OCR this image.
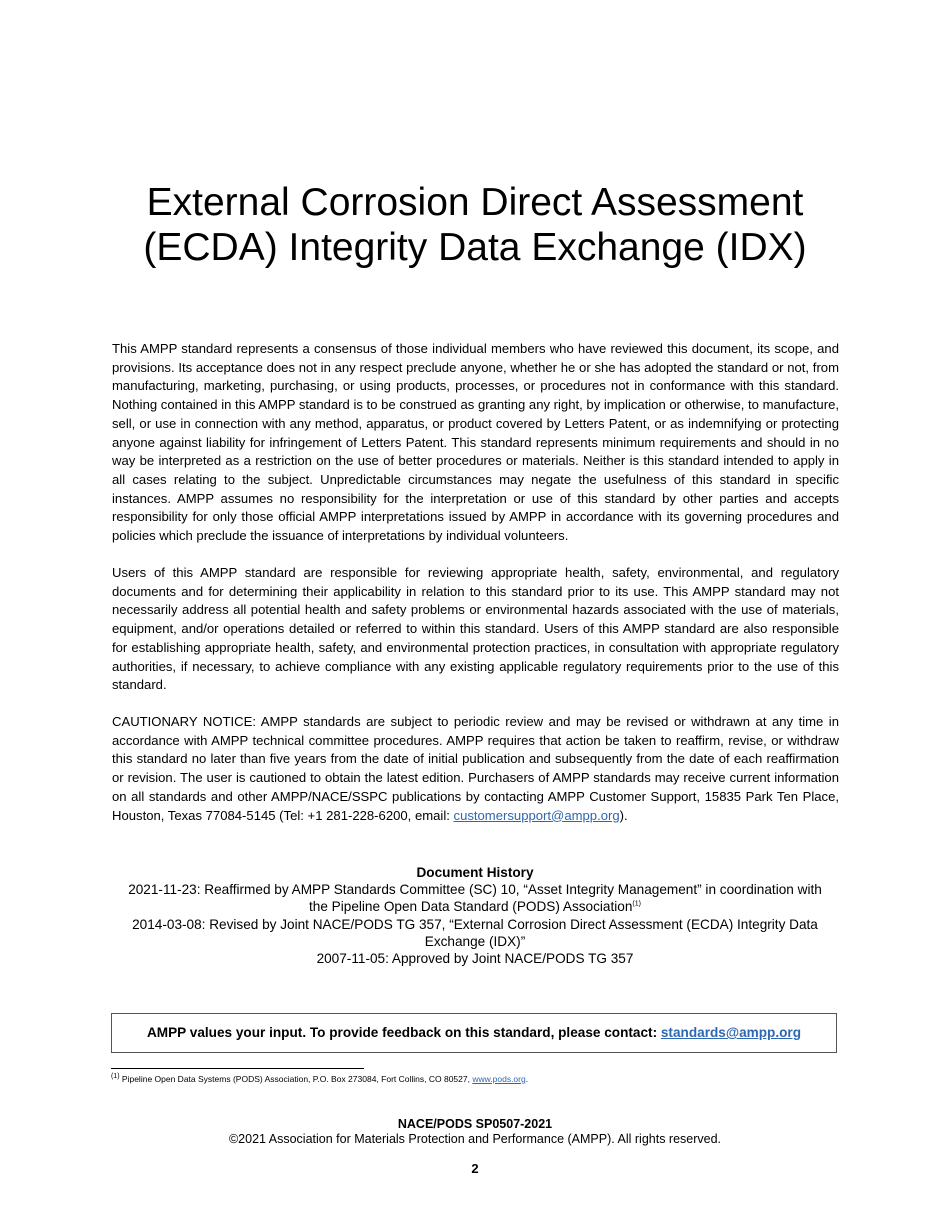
External Corrosion Direct Assessment
(ECDA) Integrity Data Exchange (IDX)

This AMPP standard represents a consensus of those individual members who have reviewed this document, its scope, and provisions. Its acceptance does not in any respect preclude anyone, whether he or she has adopted the standard or not, from manufacturing, marketing, purchasing, or using products, processes, or procedures not in conformance with this standard. Nothing contained in this AMPP standard is to be construed as granting any right, by implication or otherwise, to manufacture, sell, or use in connection with any method, apparatus, or product covered by Letters Patent, or as indemnifying or protecting anyone against liability for infringement of Letters Patent. This standard represents minimum requirements and should in no way be interpreted as a restriction on the use of better procedures or materials. Neither is this standard intended to apply in all cases relating to the subject. Unpredictable circumstances may negate the usefulness of this standard in specific instances. AMPP assumes no responsibility for the interpretation or use of this standard by other parties and accepts responsibility for only those official AMPP interpretations issued by AMPP in accordance with its governing procedures and policies which preclude the issuance of interpretations by individual volunteers.

Users of this AMPP standard are responsible for reviewing appropriate health, safety, environmental, and regulatory documents and for determining their applicability in relation to this standard prior to its use. This AMPP standard may not necessarily address all potential health and safety problems or environmental hazards associated with the use of materials, equipment, and/or operations detailed or referred to within this standard. Users of this AMPP standard are also responsible for establishing appropriate health, safety, and environmental protection practices, in consultation with appropriate regulatory authorities, if necessary, to achieve compliance with any existing applicable regulatory requirements prior to the use of this standard.

CAUTIONARY NOTICE: AMPP standards are subject to periodic review and may be revised or withdrawn at any time in accordance with AMPP technical committee procedures. AMPP requires that action be taken to reaffirm, revise, or withdraw this standard no later than five years from the date of initial publication and subsequently from the date of each reaffirmation or revision. The user is cautioned to obtain the latest edition. Purchasers of AMPP standards may receive current information on all standards and other AMPP/NACE/SSPC publications by contacting AMPP Customer Support, 15835 Park Ten Place, Houston, Texas 77084-5145 (Tel: +1 281-228-6200, email: customersupport@ampp.org).

Document History
2021-11-23: Reaffirmed by AMPP Standards Committee (SC) 10, “Asset Integrity Management” in coordination with
the Pipeline Open Data Standard (PODS) Association$^{(1)}$
2014-03-08: Revised by Joint NACE/PODS TG 357, “External Corrosion Direct Assessment (ECDA) Integrity Data
Exchange (IDX)”
2007-11-05: Approved by Joint NACE/PODS TG 357
AMPP values your input. To provide feedback on this standard, please contact: standards@ampp.org
$^{(1)}$ Pipeline Open Data Systems (PODS) Association, P.O. Box 273084, Fort Collins, CO 80527, www.pods.org.
NACE/PODS SP0507-2021
©2021 Association for Materials Protection and Performance (AMPP). All rights reserved.
2
